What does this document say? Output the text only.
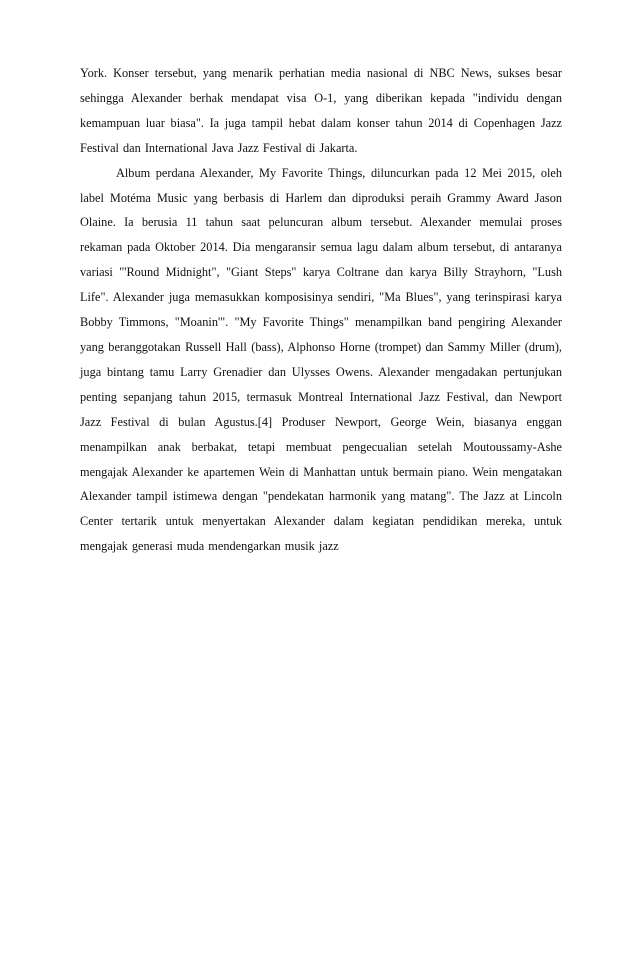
York. Konser tersebut, yang menarik perhatian media nasional di NBC News, sukses besar sehingga Alexander berhak mendapat visa O-1, yang diberikan kepada "individu dengan kemampuan luar biasa". Ia juga tampil hebat dalam konser tahun 2014 di Copenhagen Jazz Festival dan International Java Jazz Festival di Jakarta.

Album perdana Alexander, My Favorite Things, diluncurkan pada 12 Mei 2015, oleh label Motéma Music yang berbasis di Harlem dan diproduksi peraih Grammy Award Jason Olaine. Ia berusia 11 tahun saat peluncuran album tersebut. Alexander memulai proses rekaman pada Oktober 2014. Dia mengaransir semua lagu dalam album tersebut, di antaranya variasi "'Round Midnight", "Giant Steps" karya Coltrane dan karya Billy Strayhorn, "Lush Life". Alexander juga memasukkan komposisinya sendiri, "Ma Blues", yang terinspirasi karya Bobby Timmons, "Moanin'". "My Favorite Things" menampilkan band pengiring Alexander yang beranggotakan Russell Hall (bass), Alphonso Horne (trompet) dan Sammy Miller (drum), juga bintang tamu Larry Grenadier dan Ulysses Owens. Alexander mengadakan pertunjukan penting sepanjang tahun 2015, termasuk Montreal International Jazz Festival, dan Newport Jazz Festival di bulan Agustus.[4] Produser Newport, George Wein, biasanya enggan menampilkan anak berbakat, tetapi membuat pengecualian setelah Moutoussamy-Ashe mengajak Alexander ke apartemen Wein di Manhattan untuk bermain piano. Wein mengatakan Alexander tampil istimewa dengan "pendekatan harmonik yang matang". The Jazz at Lincoln Center tertarik untuk menyertakan Alexander dalam kegiatan pendidikan mereka, untuk mengajak generasi muda mendengarkan musik jazz
